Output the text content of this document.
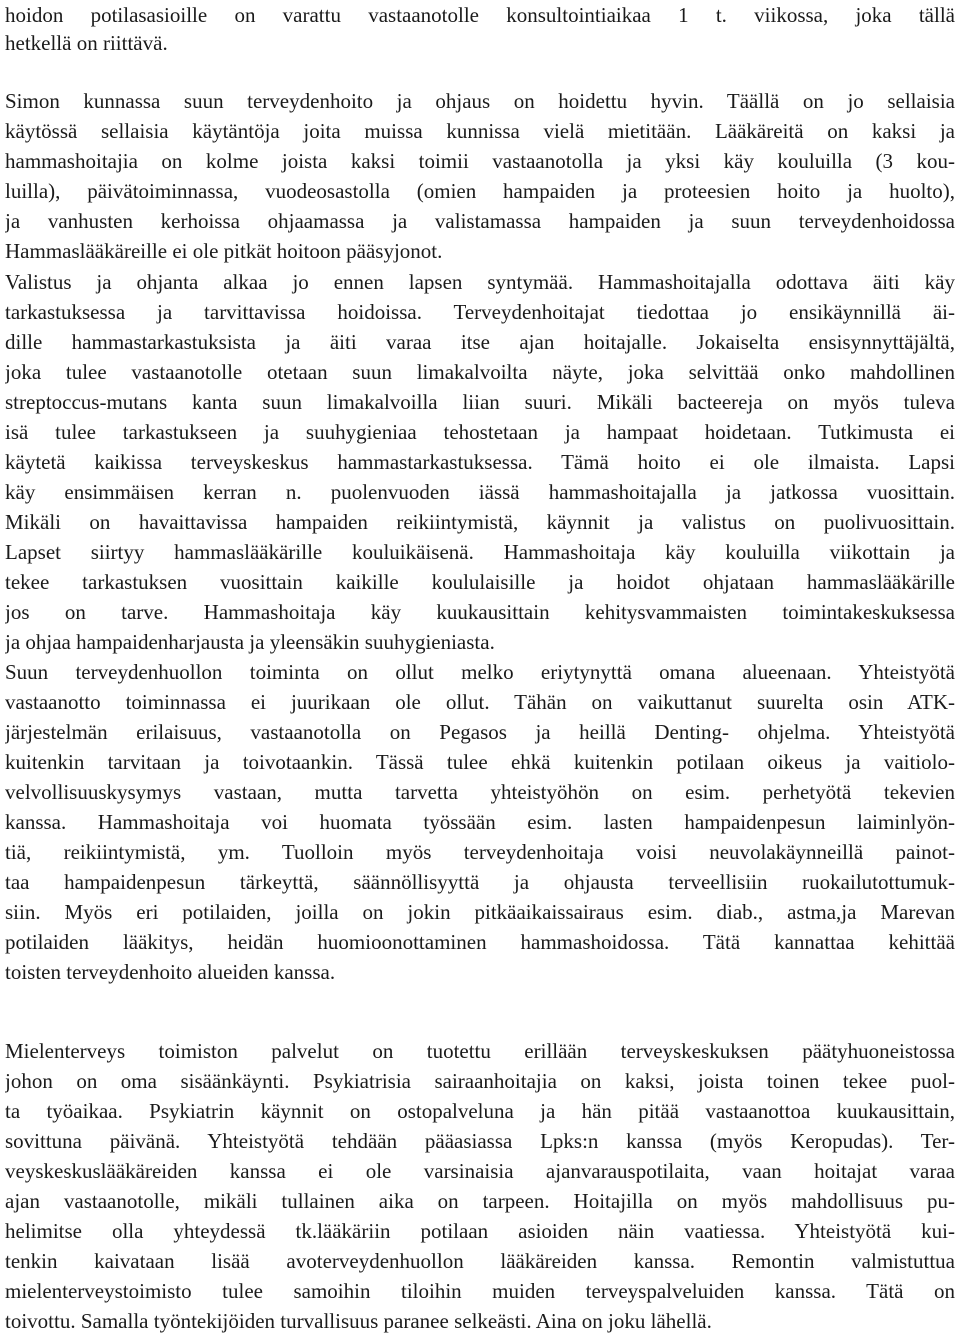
hoidon potilasasioille on varattu vastaanotolle konsultointiaikaa 1 t. viikossa, joka tällä
hetkellä on riittävä.
Simon kunnassa suun terveydenhoito ja ohjaus on hoidettu hyvin. Täällä on jo sellaisia
käytössä sellaisia käytäntöja joita muissa kunnissa vielä mietitään. Lääkäreitä on kaksi ja
hammashoitajia on kolme joista kaksi toimii vastaanotolla ja yksi käy kouluilla (3 kou-
luilla), päivätoiminnassa, vuodeosastolla (omien hampaiden ja proteesien hoito ja huolto),
ja vanhusten kerhoissa ohjaamassa ja valistamassa hampaiden ja suun terveydenhoidossa
Hammaslääkäreille ei ole pitkät hoitoon pääsyjonot.
Valistus ja ohjanta alkaa jo ennen lapsen syntymää. Hammashoitajalla odottava äiti käy
tarkastuksessa ja tarvittavissa hoidoissa. Terveydenhoitajat tiedottaa jo ensikäynnillä äi-
dille hammastarkastuksista ja äiti varaa itse ajan hoitajalle. Jokaiselta ensisynnyttäjältä,
joka tulee vastaanotolle otetaan suun limakalvoilta näyte, joka selvittää onko mahdollinen
streptoccus-mutans kanta suun limakalvoilla liian suuri. Mikäli bacteereja on myös tuleva
isä tulee tarkastukseen ja suuhygieniaa tehostetaan ja hampaat hoidetaan. Tutkimusta ei
käytetä kaikissa terveyskeskus hammastarkastuksessa. Tämä hoito ei ole ilmaista. Lapsi
käy ensimmäisen kerran n. puolenvuoden iässä hammashoitajalla ja jatkossa vuosittain.
Mikäli on havaittavissa hampaiden reikiintymistä, käynnit ja valistus on puolivuosittain.
Lapset siirtyy hammaslääkärille kouluikäisenä. Hammashoitaja käy kouluilla viikottain ja
tekee tarkastuksen vuosittain kaikille koululaisille ja hoidot ohjataan hammaslääkärille
jos on tarve. Hammashoitaja käy kuukausittain kehitysvammaisten toimintakeskuksessa
ja ohjaa hampaidenharjausta ja yleensäkin suuhygieniasta.
Suun terveydenhuollon toiminta on ollut melko eriytynyttä omana alueenaan. Yhteistyötä
vastaanotto toiminnassa ei juurikaan ole ollut. Tähän on vaikuttanut suurelta osin ATK-
järjestelmän erilaisuus, vastaanotolla on Pegasos ja heillä Denting- ohjelma. Yhteistyötä
kuitenkin tarvitaan ja toivotaankin. Tässä tulee ehkä kuitenkin potilaan oikeus ja vaitiolo-
velvollisuuskysymys vastaan, mutta tarvetta yhteistyöhön on esim. perhetyötä tekevien
kanssa. Hammashoitaja voi huomata työssään esim. lasten hampaidenpesun laiminlyön-
tiä, reikiintymistä, ym. Tuolloin myös terveydenhoitaja voisi neuvolakäynneillä painot-
taa hampaidenpesun tärkeyttä, säännöllisyyttä ja ohjausta terveellisiin ruokailutottumuk-
siin. Myös eri potilaiden, joilla on jokin pitkäaikaissairaus esim. diab., astma,ja Marevan
potilaiden lääkitys, heidän huomioonottaminen hammashoidossa. Tätä kannattaa kehittää
toisten terveydenhoito alueiden kanssa.
Mielenterveys toimiston palvelut on tuotettu erillään terveyskeskuksen päätyhuoneistossa
johon on oma sisäänkäynti. Psykiatrisia sairaanhoitajia on kaksi, joista toinen tekee puol-
ta työaikaa. Psykiatrin käynnit on ostopalveluna ja hän pitää vastaanottoa kuukausittain,
sovittuna päivänä. Yhteistyötä tehdään pääasiassa Lpks:n kanssa (myös Keropudas). Ter-
veyskeskuslääkäreiden kanssa ei ole varsinaisia ajanvarauspotilaita, vaan hoitajat varaa
ajan vastaanotolle, mikäli tullainen aika on tarpeen. Hoitajilla on myös mahdollisuus pu-
helimitse olla yhteydessä tk.lääkäriin potilaan asioiden näin vaatiessa. Yhteistyötä kui-
tenkin kaivataan lisää avoterveydenhuollon lääkäreiden kanssa. Remontin valmistuttua
mielenterveystoimisto tulee samoihin tiloihin muiden terveyspalveluiden kanssa. Tätä on
toivottu. Samalla työntekijöiden turvallisuus paranee selkeästi. Aina on joku lähellä.
